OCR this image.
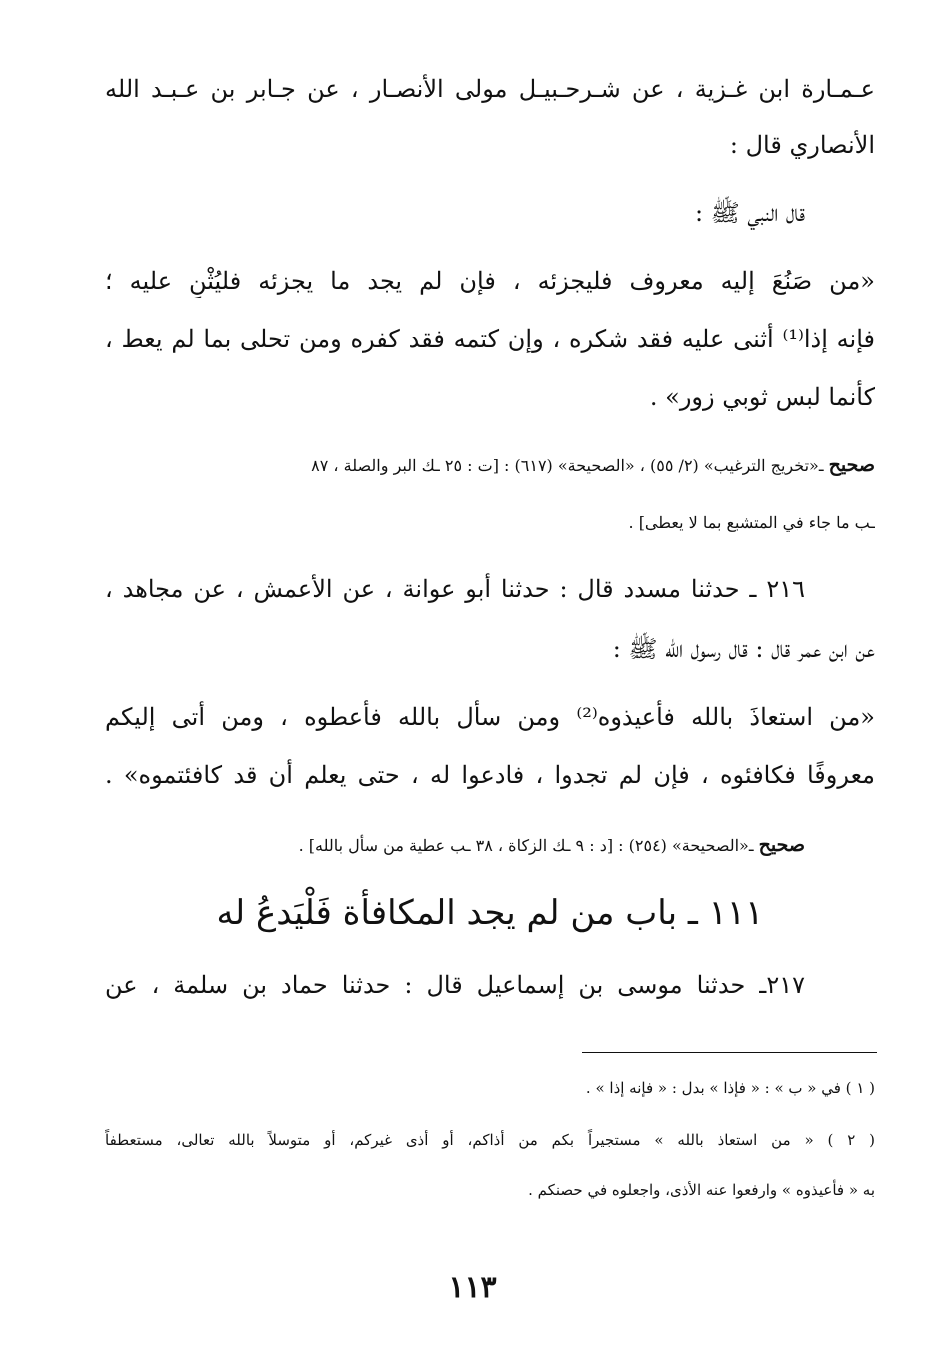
عـمـارة ابن غـزية ، عن شـرحـبيـل مولى الأنصـار ، عن جـابر بن عـبـد الله
الأنصاري قال :
قال النبي ﷺ :
«من صَنُعَ إليه معروف فليجزئه ، فإن لم يجد ما يجزئه فليُثْنِ عليه ؛
فإنه إذا⁽¹⁾ أثنى عليه فقد شكره ، وإن كتمه فقد كفره ومن تحلى بما لم يعط ،
كأنما لبس ثوبي زور» .
صحيح ـ«تخريج الترغيب» (٢/ ٥٥) ، «الصحيحة» (٦١٧) : [ت : ٢٥ ـك البر والصلة ، ٨٧
ـب ما جاء في المتشبع بما لا يعطى] .
٢١٦ ـ حدثنا مسدد قال : حدثنا أبو عوانة ، عن الأعمش ، عن مجاهد ،
عن ابن عمر قال : قال رسول الله ﷺ :
«من استعاذَ بالله فأعيذوه⁽²⁾ ومن سأل بالله فأعطوه ، ومن أتى إليكم
معروفًا فكافئوه ، فإن لم تجدوا ، فادعوا له ، حتى يعلم أن قد كافئتموه» .
صحيح ـ«الصحيحة» (٢٥٤) : [د : ٩ ـك الزكاة ، ٣٨ ـب عطية من سأل بالله] .
١١١ ـ باب من لم يجد المكافأة فَلْيَدعُ له
٢١٧ـ حدثنا موسى بن إسماعيل قال : حدثنا حماد بن سلمة ، عن
( ١ ) في « ب » : « فإذا » بدل : « فإنه إذا » .
( ٢ ) « من استعاذ بالله » مستجيراً بكم من أذاكم، أو أذى غيركم، أو متوسلاً بالله تعالى، مستعطفاً
به « فأعيذوه » وارفعوا عنه الأذى، واجعلوه في حصنكم .
١١٣
